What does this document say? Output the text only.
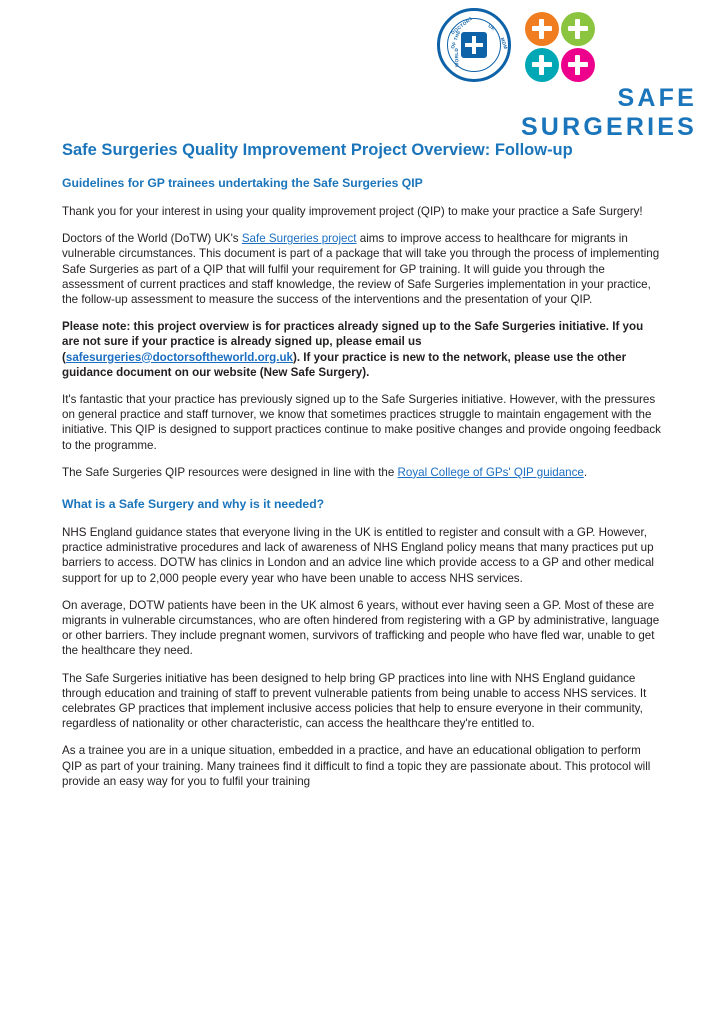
DOCTORS
OF THE
WORLD
UK
MDM
SAFE SURGERIES
Safe Surgeries Quality Improvement Project Overview: Follow-up
Guidelines for GP trainees undertaking the Safe Surgeries QIP

Thank you for your interest in using your quality improvement project (QIP) to make your practice a Safe Surgery!

Doctors of the World (DoTW) UK's Safe Surgeries project aims to improve access to healthcare for migrants in vulnerable circumstances. This document is part of a package that will take you through the process of implementing Safe Surgeries as part of a QIP that will fulfil your requirement for GP training. It will guide you through the assessment of current practices and staff knowledge, the review of Safe Surgeries implementation in your practice, the follow-up assessment to measure the success of the interventions and the presentation of your QIP.

Please note: this project overview is for practices already signed up to the Safe Surgeries initiative. If you are not sure if your practice is already signed up, please email us (safesurgeries@doctorsoftheworld.org.uk). If your practice is new to the network, please use the other guidance document on our website (New Safe Surgery).

It's fantastic that your practice has previously signed up to the Safe Surgeries initiative. However, with the pressures on general practice and staff turnover, we know that sometimes practices struggle to maintain engagement with the initiative. This QIP is designed to support practices continue to make positive changes and provide ongoing feedback to the programme.

The Safe Surgeries QIP resources were designed in line with the Royal College of GPs' QIP guidance.

What is a Safe Surgery and why is it needed?

NHS England guidance states that everyone living in the UK is entitled to register and consult with a GP. However, practice administrative procedures and lack of awareness of NHS England policy means that many practices put up barriers to access. DOTW has clinics in London and an advice line which provide access to a GP and other medical support for up to 2,000 people every year who have been unable to access NHS services.

On average, DOTW patients have been in the UK almost 6 years, without ever having seen a GP. Most of these are migrants in vulnerable circumstances, who are often hindered from registering with a GP by administrative, language or other barriers. They include pregnant women, survivors of trafficking and people who have fled war, unable to get the healthcare they need.

The Safe Surgeries initiative has been designed to help bring GP practices into line with NHS England guidance through education and training of staff to prevent vulnerable patients from being unable to access NHS services. It celebrates GP practices that implement inclusive access policies that help to ensure everyone in their community, regardless of nationality or other characteristic, can access the healthcare they're entitled to.

As a trainee you are in a unique situation, embedded in a practice, and have an educational obligation to perform QIP as part of your training. Many trainees find it difficult to find a topic they are passionate about. This protocol will provide an easy way for you to fulfil your training
